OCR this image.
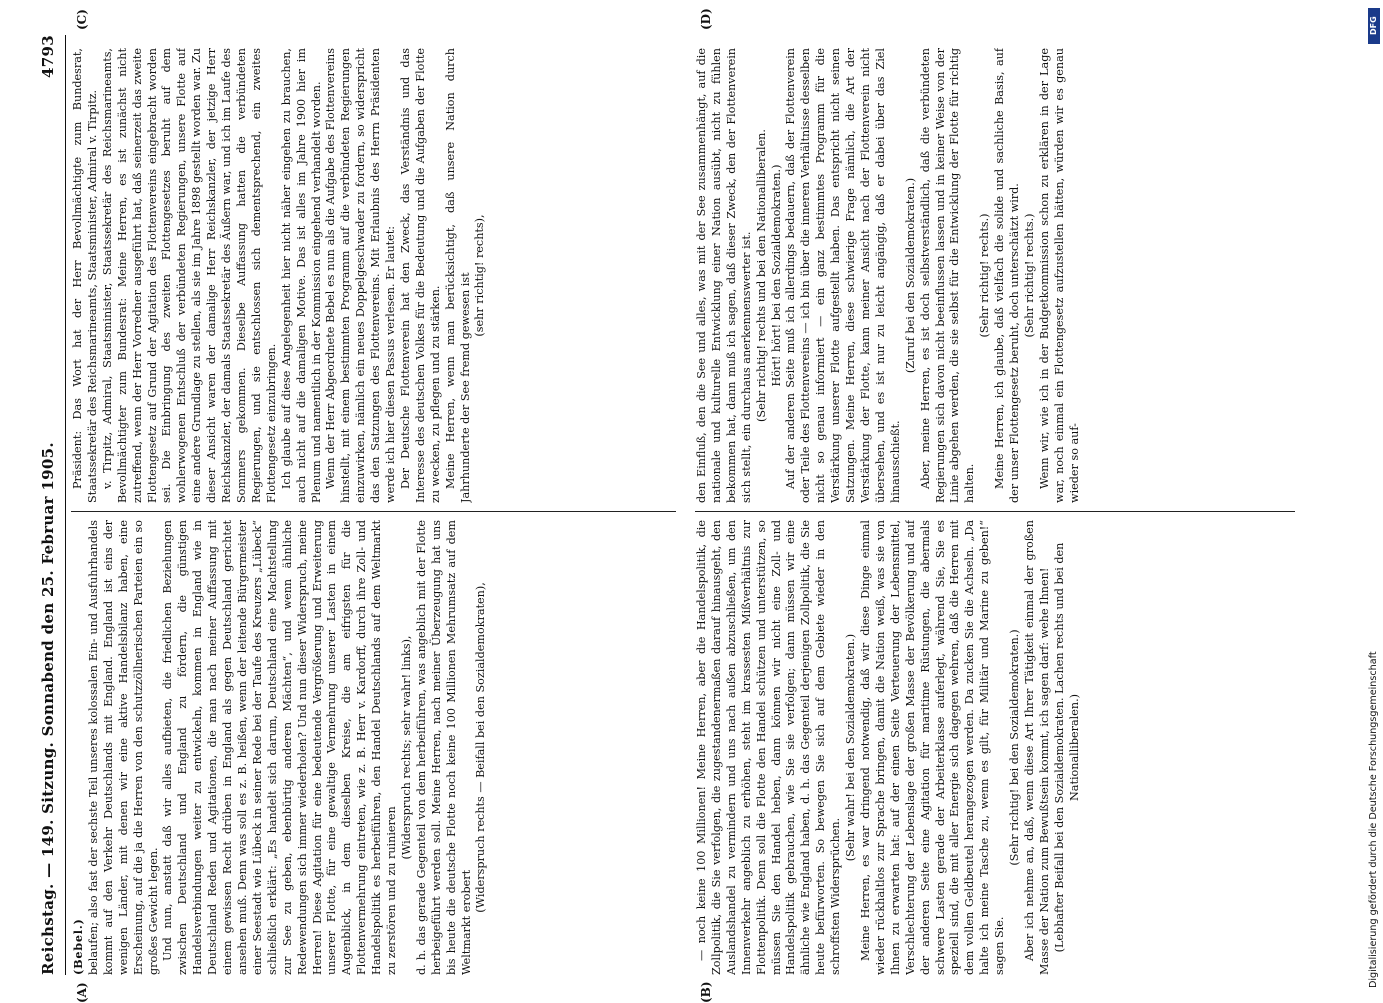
Reichstag. — 149. Sitzung. Sonnabend den 25. Februar 1905.
4793
(A)	(B)
(C)	(D)

(Bebel.) belaufen; also fast der sechste Teil unseres kolossalen Ein- und Ausfuhrhandels kommt auf den Verkehr Deutschlands mit England. England ist eins der wenigen Länder, mit denen wir eine aktive Handelsbilanz haben, eine Erscheinung, auf die ja die Herren von den schutzzöllnerischen Parteien ein so großes Gewicht legen. Und nun, anstatt daß wir alles aufbieten, die friedlichen Beziehungen zwischen Deutschland und England zu fördern, die günstigen Handelsverbindungen weiter zu entwickeln, kommen in England wie in Deutschland Reden und Agitationen, die man nach meiner Auffassung mit einem gewissen Recht drüben in England als gegen Deutschland gerichtet ansehen muß. Denn was soll es z. B. heißen, wenn der leitende Bürgermeister einer Seestadt wie Lübeck in seiner Rede bei der Taufe des Kreuzers „Lübeck“ schließlich erklärt: „Es handelt sich darum, Deutschland eine Machtstellung zur See zu geben, ebenbürtig anderen Mächten“, und wenn ähnliche Redewendungen sich immer wiederholen? Und nun dieser Widerspruch, meine Herren! Diese Agitation für eine bedeutende Vergrößerung und Erweiterung unserer Flotte, für eine gewaltige Vermehrung unserer Lasten in einem Augenblick, in dem dieselben Kreise, die am eifrigsten für die Flottenvermehrung eintreten, wie z. B. Herr v. Kardorff, durch ihre Zoll- und Handelspolitik es herbeiführen, den Handel Deutschlands auf dem Weltmarkt zu zerstören und zu ruinieren

(Widerspruch rechts; sehr wahr! links), d. h. das gerade Gegenteil von dem herbeiführen, was angeblich mit der Flotte herbeigeführt werden soll. Meine Herren, nach meiner Überzeugung hat uns bis heute die deutsche Flotte noch keine 100 Millionen Mehrumsatz auf dem Weltmarkt erobert

(Widerspruch rechts — Beifall bei den Sozialdemokraten),

Präsident: Das Wort hat der Herr Bevollmächtigte zum Bundesrat, Staatssekretär des Reichsmarineamts, Staatsminister, Admiral v. Tirpitz. v. Tirpitz, Admiral, Staatsminister, Staatssekretär des Reichsmarineamts, Bevollmächtigter zum Bundesrat: Meine Herren, es ist zunächst nicht zutreffend, wenn der Herr Vorredner ausgeführt hat, daß seinerzeit das zweite Flottengesetz auf Grund der Agitation des Flottenvereins eingebracht worden sei. Die Einbringung des zweiten Flottengesetzes beruht auf dem wohlerwogenen Entschluß der verbündeten Regierungen, unsere Flotte auf eine andere Grundlage zu stellen, als sie im Jahre 1898 gestellt worden war. Zu dieser Ansicht waren der damalige Herr Reichskanzler, der jetzige Herr Reichskanzler, der damals Staatssekretär des Äußern war, und ich im Laufe des Sommers gekommen. Dieselbe Auffassung hatten die verbündeten Regierungen, und sie entschlossen sich dementsprechend, ein zweites Flottengesetz einzubringen. Ich glaube auf diese Angelegenheit hier nicht näher eingehen zu brauchen, auch nicht auf die damaligen Motive. Das ist alles im Jahre 1900 hier im Plenum und namentlich in der Kommission eingehend verhandelt worden. Wenn der Herr Abgeordnete Bebel es nun als die Aufgabe des Flottenvereins hinstellt, mit einem bestimmten Programm auf die verbündeten Regierungen einzuwirken, nämlich ein neues Doppelgeschwader zu fordern, so widerspricht das den Satzungen des Flottenvereins. Mit Erlaubnis des Herrn Präsidenten werde ich hier diesen Passus verlesen. Er lautet: Der Deutsche Flottenverein hat den Zweck, das Verständnis und das Interesse des deutschen Volkes für die Bedeutung und die Aufgaben der Flotte zu wecken, zu pflegen und zu stärken. Meine Herren, wenn man berücksichtigt, daß unsere Nation durch Jahrhunderte der See fremd gewesen ist (sehr richtig! rechts),

— noch keine 100 Millionen! Meine Herren, aber die Handelspolitik, die Zollpolitik, die Sie verfolgen, die zugestandenermaßen darauf hinausgeht, den Auslandshandel zu vermindern und uns nach außen abzuschließen, um den Innenverkehr angeblich zu erhöhen, steht im krassesten Mißverhältnis zur Flottenpolitik. Denn soll die Flotte den Handel schützen und unterstützen, so müssen Sie den Handel heben, dann können wir nicht eine Zoll- und Handelspolitik gebrauchen, wie Sie sie verfolgen; dann müssen wir eine ähnliche wie England haben, d. h. das Gegenteil derjenigen Zollpolitik, die Sie heute befürworten. So bewegen Sie sich auf dem Gebiete wieder in den schroffsten Widersprüchen.

(Sehr wahr! bei den Sozialdemokraten.) Meine Herren, es war dringend notwendig, daß wir diese Dinge einmal wieder rückhaltlos zur Sprache bringen, damit die Nation weiß, was sie von Ihnen zu erwarten hat: auf der einen Seite Verteuerung der Lebensmittel, Verschlechterung der Lebenslage der großen Masse der Bevölkerung und auf der anderen Seite eine Agitation für maritime Rüstungen, die abermals schwere Lasten gerade der Arbeiterklasse auferlegt, während Sie, Sie es speziell sind, die mit aller Energie sich dagegen wehren, daß die Herren mit dem vollen Geldbeutel herangezogen werden. Da zucken Sie die Achseln. „Da halte ich meine Tasche zu, wenn es gilt, für Militär und Marine zu geben!“ sagen Sie.

(Sehr richtig! bei den Sozialdemokraten.) Aber ich nehme an, daß, wenn diese Art Ihrer Tätigkeit einmal der großen Masse der Nation zum Bewußtsein kommt, ich sagen darf: wehe Ihnen! (Lebhafter Beifall bei den Sozialdemokraten. Lachen rechts und bei den Nationalliberalen.)

den Einfluß, den die See und alles, was mit der See zusammenhängt, auf die nationale und kulturelle Entwicklung einer Nation ausübt, nicht zu fühlen bekommen hat, dann muß ich sagen, daß dieser Zweck, den der Flottenverein sich stellt, ein durchaus anerkennenswerter ist. (Sehr richtig! rechts und bei den Nationalliberalen. Hört! hört! bei den Sozialdemokraten.) Auf der anderen Seite muß ich allerdings bedauern, daß der Flottenverein oder Teile des Flottenvereins — ich bin über die inneren Verhältnisse desselben nicht so genau informiert — ein ganz bestimmtes Programm für die Verstärkung unserer Flotte aufgestellt haben. Das entspricht nicht seinen Satzungen. Meine Herren, diese schwierige Frage nämlich, die Art der Verstärkung der Flotte, kann meiner Ansicht nach der Flottenverein nicht übersehen, und es ist nur zu leicht angängig, daß er dabei über das Ziel hinausschießt.

(Zuruf bei den Sozialdemokraten.) Aber, meine Herren, es ist doch selbstverständlich, daß die verbündeten Regierungen sich davon nicht beeinflussen lassen und in keiner Weise von der Linie abgehen werden, die sie selbst für die Entwicklung der Flotte für richtig halten.

(Sehr richtig! rechts.) Meine Herren, ich glaube, daß vielfach die solide und sachliche Basis, auf der unser Flottengesetz beruht, doch unterschätzt wird. (Sehr richtig! rechts.) Wenn wir, wie ich in der Budgetkommission schon zu erklären in der Lage war, noch einmal ein Flottengesetz aufzustellen hätten, würden wir es genau wieder so auf-

DFG
Digitalisierung gefördert durch die Deutsche Forschungsgemeinschaft
